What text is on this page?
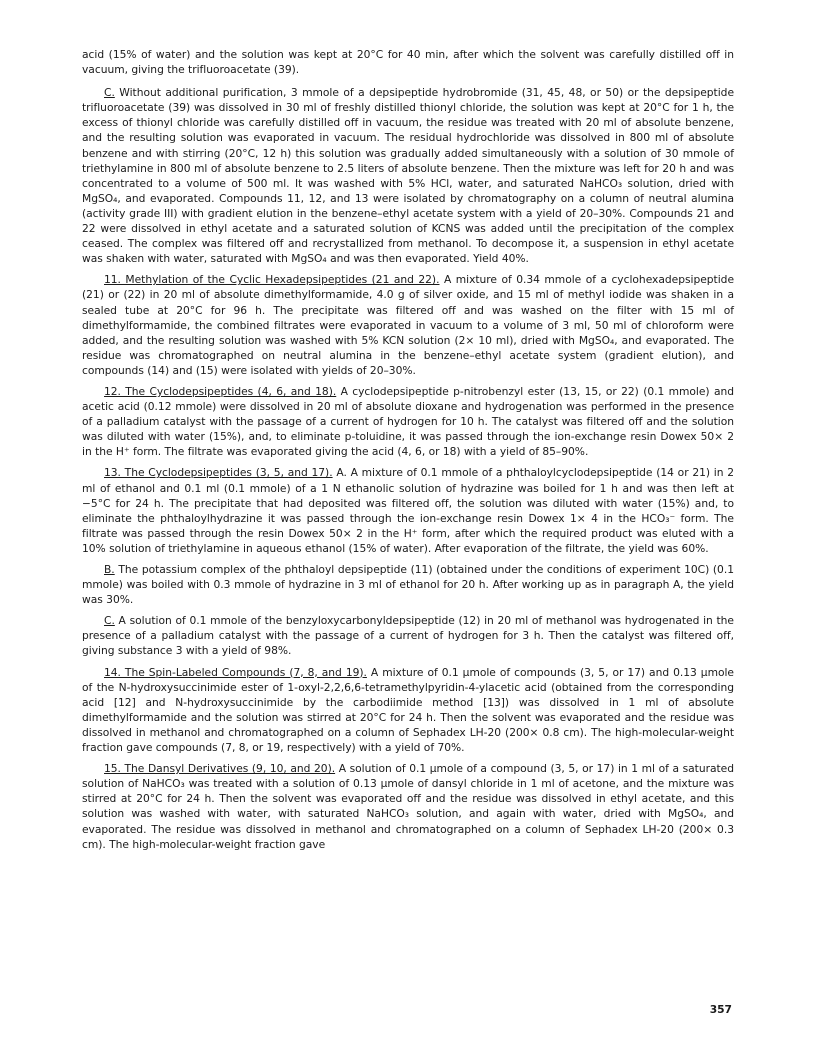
acid (15% of water) and the solution was kept at 20°C for 40 min, after which the solvent was carefully distilled off in vacuum, giving the trifluoroacetate (39).

C. Without additional purification, 3 mmole of a depsipeptide hydrobromide (31, 45, 48, or 50) or the depsipeptide trifluoroacetate (39) was dissolved in 30 ml of freshly distilled thionyl chloride, the solution was kept at 20°C for 1 h, the excess of thionyl chloride was carefully distilled off in vacuum, the residue was treated with 20 ml of absolute benzene, and the resulting solution was evaporated in vacuum. The residual hydrochloride was dissolved in 800 ml of absolute benzene and with stirring (20°C, 12 h) this solution was gradually added simultaneously with a solution of 30 mmole of triethylamine in 800 ml of absolute benzene to 2.5 liters of absolute benzene. Then the mixture was left for 20 h and was concentrated to a volume of 500 ml. It was washed with 5% HCl, water, and saturated NaHCO₃ solution, dried with MgSO₄, and evaporated. Compounds 11, 12, and 13 were isolated by chromatography on a column of neutral alumina (activity grade III) with gradient elution in the benzene–ethyl acetate system with a yield of 20–30%. Compounds 21 and 22 were dissolved in ethyl acetate and a saturated solution of KCNS was added until the precipitation of the complex ceased. The complex was filtered off and recrystallized from methanol. To decompose it, a suspension in ethyl acetate was shaken with water, saturated with MgSO₄ and was then evaporated. Yield 40%.

11. Methylation of the Cyclic Hexadepsipeptides (21 and 22). A mixture of 0.34 mmole of a cyclohexadepsipeptide (21) or (22) in 20 ml of absolute dimethylformamide, 4.0 g of silver oxide, and 15 ml of methyl iodide was shaken in a sealed tube at 20°C for 96 h. The precipitate was filtered off and was washed on the filter with 15 ml of dimethylformamide, the combined filtrates were evaporated in vacuum to a volume of 3 ml, 50 ml of chloroform were added, and the resulting solution was washed with 5% KCN solution (2× 10 ml), dried with MgSO₄, and evaporated. The residue was chromatographed on neutral alumina in the benzene–ethyl acetate system (gradient elution), and compounds (14) and (15) were isolated with yields of 20–30%.

12. The Cyclodepsipeptides (4, 6, and 18). A cyclodepsipeptide p-nitrobenzyl ester (13, 15, or 22) (0.1 mmole) and acetic acid (0.12 mmole) were dissolved in 20 ml of absolute dioxane and hydrogenation was performed in the presence of a palladium catalyst with the passage of a current of hydrogen for 10 h. The catalyst was filtered off and the solution was diluted with water (15%), and, to eliminate p-toluidine, it was passed through the ion-exchange resin Dowex 50× 2 in the H⁺ form. The filtrate was evaporated giving the acid (4, 6, or 18) with a yield of 85–90%.

13. The Cyclodepsipeptides (3, 5, and 17). A. A mixture of 0.1 mmole of a phthaloylcyclodepsipeptide (14 or 21) in 2 ml of ethanol and 0.1 ml (0.1 mmole) of a 1 N ethanolic solution of hydrazine was boiled for 1 h and was then left at −5°C for 24 h. The precipitate that had deposited was filtered off, the solution was diluted with water (15%) and, to eliminate the phthaloylhydrazine it was passed through the ion-exchange resin Dowex 1× 4 in the HCO₃⁻ form. The filtrate was passed through the resin Dowex 50× 2 in the H⁺ form, after which the required product was eluted with a 10% solution of triethylamine in aqueous ethanol (15% of water). After evaporation of the filtrate, the yield was 60%.

B. The potassium complex of the phthaloyl depsipeptide (11) (obtained under the conditions of experiment 10C) (0.1 mmole) was boiled with 0.3 mmole of hydrazine in 3 ml of ethanol for 20 h. After working up as in paragraph A, the yield was 30%.

C. A solution of 0.1 mmole of the benzyloxycarbonyldepsipeptide (12) in 20 ml of methanol was hydrogenated in the presence of a palladium catalyst with the passage of a current of hydrogen for 3 h. Then the catalyst was filtered off, giving substance 3 with a yield of 98%.

14. The Spin-Labeled Compounds (7, 8, and 19). A mixture of 0.1 μmole of compounds (3, 5, or 17) and 0.13 μmole of the N-hydroxysuccinimide ester of 1-oxyl-2,2,6,6-tetramethylpyridin-4-ylacetic acid (obtained from the corresponding acid [12] and N-hydroxysuccinimide by the carbodiimide method [13]) was dissolved in 1 ml of absolute dimethylformamide and the solution was stirred at 20°C for 24 h. Then the solvent was evaporated and the residue was dissolved in methanol and chromatographed on a column of Sephadex LH-20 (200× 0.8 cm). The high-molecular-weight fraction gave compounds (7, 8, or 19, respectively) with a yield of 70%.

15. The Dansyl Derivatives (9, 10, and 20). A solution of 0.1 μmole of a compound (3, 5, or 17) in 1 ml of a saturated solution of NaHCO₃ was treated with a solution of 0.13 μmole of dansyl chloride in 1 ml of acetone, and the mixture was stirred at 20°C for 24 h. Then the solvent was evaporated off and the residue was dissolved in ethyl acetate, and this solution was washed with water, with saturated NaHCO₃ solution, and again with water, dried with MgSO₄, and evaporated. The residue was dissolved in methanol and chromatographed on a column of Sephadex LH-20 (200× 0.3 cm). The high-molecular-weight fraction gave

357
